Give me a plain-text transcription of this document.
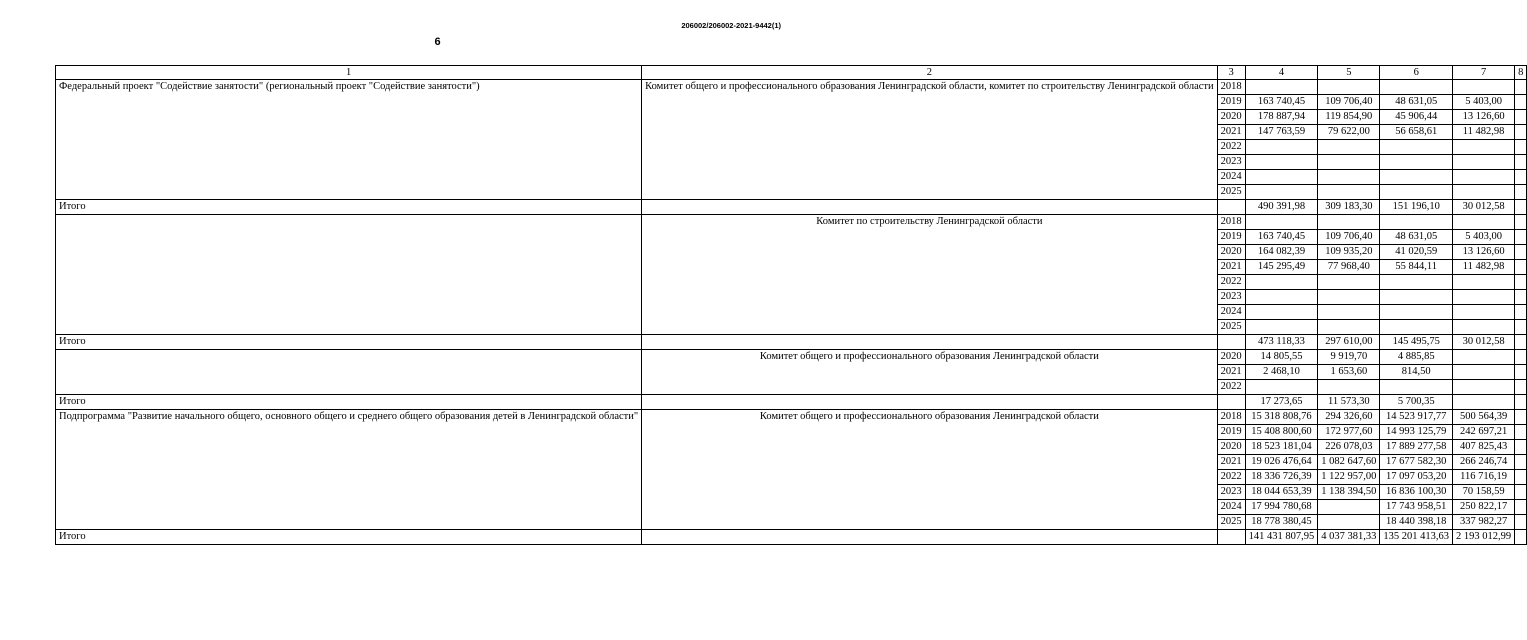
206002/206002-2021-9442(1)
6
1	2	3	4	5	6	7	8
Федеральный проект "Содействие занятости" (региональный проект "Содействие занятости")	Комитет общего и профессионального образования Ленинградской области, комитет по строительству Ленинградской области	2018					
		2019	163 740,45	109 706,40	48 631,05	5 403,00	
		2020	178 887,94	119 854,90	45 906,44	13 126,60	
		2021	147 763,59	79 622,00	56 658,61	11 482,98	
		2022					
		2023					
		2024					
		2025					
Итого			490 391,98	309 183,30	151 196,10	30 012,58	
	Комитет по строительству Ленинградской области	2018					
		2019	163 740,45	109 706,40	48 631,05	5 403,00	
		2020	164 082,39	109 935,20	41 020,59	13 126,60	
		2021	145 295,49	77 968,40	55 844,11	11 482,98	
		2022					
		2023					
		2024					
		2025					
Итого			473 118,33	297 610,00	145 495,75	30 012,58	
	Комитет общего и профессионального образования Ленинградской области	2020	14 805,55	9 919,70	4 885,85		
		2021	2 468,10	1 653,60	814,50		
		2022					
Итого			17 273,65	11 573,30	5 700,35		
Подпрограмма "Развитие начального общего, основного общего и среднего общего образования детей в Ленинградской области"	Комитет общего и профессионального образования Ленинградской области	2018	15 318 808,76	294 326,60	14 523 917,77	500 564,39	
		2019	15 408 800,60	172 977,60	14 993 125,79	242 697,21	
		2020	18 523 181,04	226 078,03	17 889 277,58	407 825,43	
		2021	19 026 476,64	1 082 647,60	17 677 582,30	266 246,74	
		2022	18 336 726,39	1 122 957,00	17 097 053,20	116 716,19	
		2023	18 044 653,39	1 138 394,50	16 836 100,30	70 158,59	
		2024	17 994 780,68		17 743 958,51	250 822,17	
		2025	18 778 380,45		18 440 398,18	337 982,27	
Итого			141 431 807,95	4 037 381,33	135 201 413,63	2 193 012,99	
